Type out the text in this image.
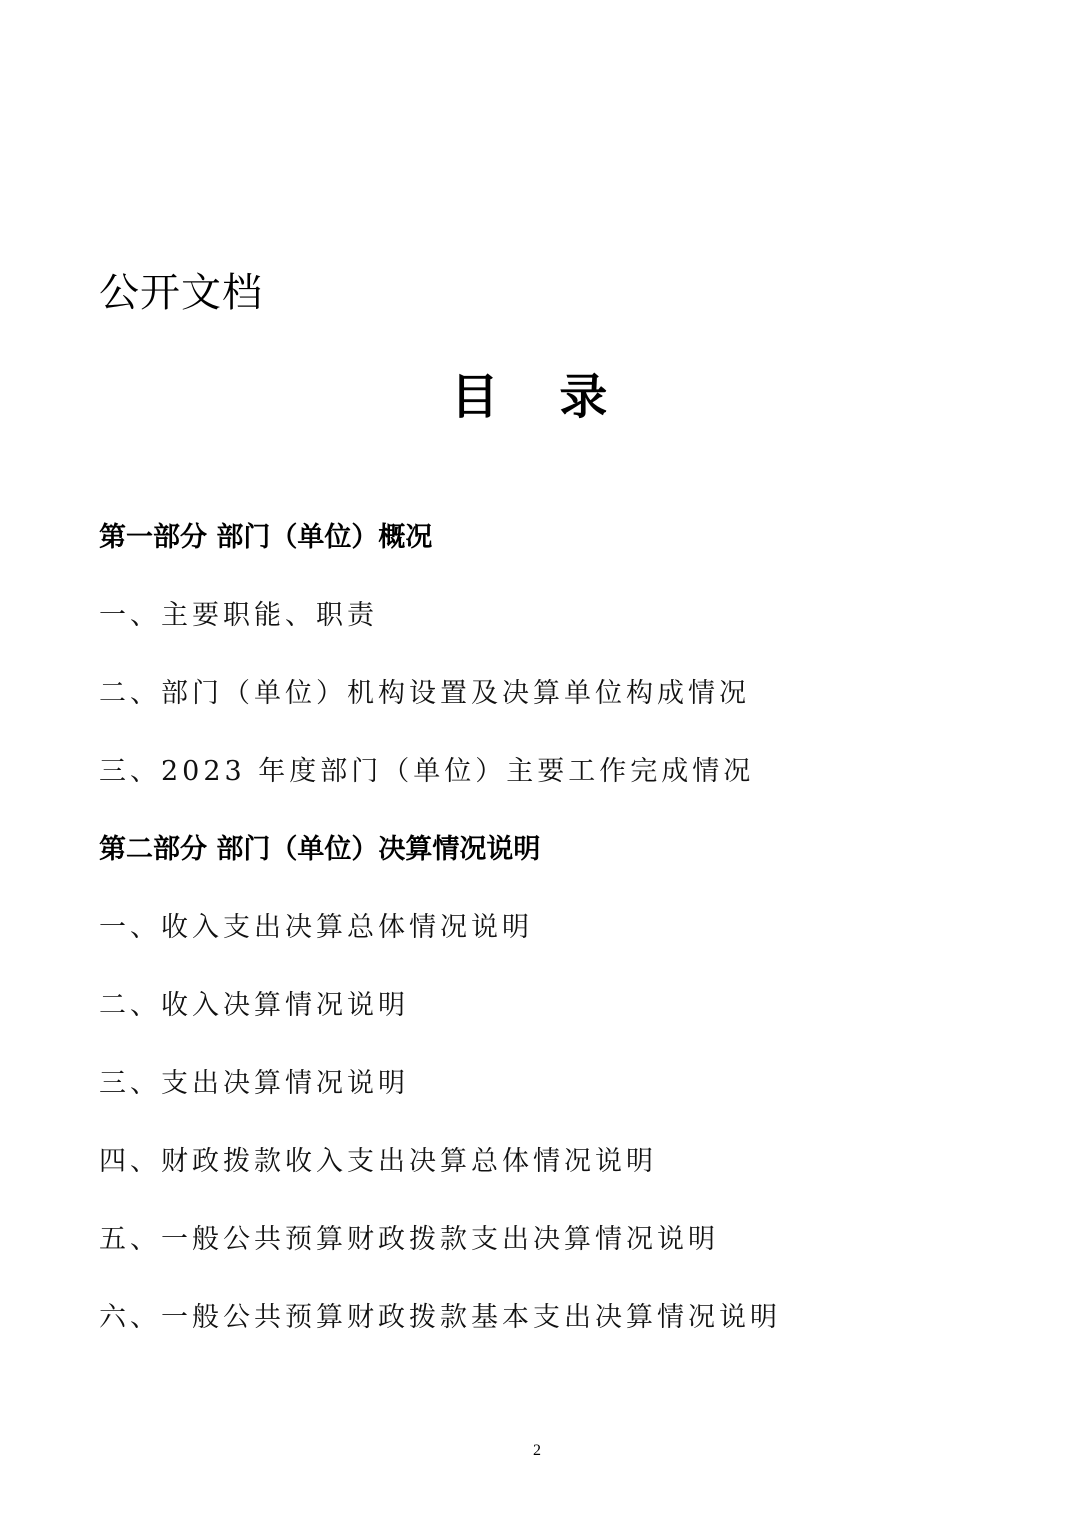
公开文档
目 录
第一部分 部门（单位）概况
一、主要职能、职责
二、部门（单位）机构设置及决算单位构成情况
三、2023 年度部门（单位）主要工作完成情况
第二部分 部门（单位）决算情况说明
一、收入支出决算总体情况说明
二、收入决算情况说明
三、支出决算情况说明
四、财政拨款收入支出决算总体情况说明
五、一般公共预算财政拨款支出决算情况说明
六、一般公共预算财政拨款基本支出决算情况说明
2
